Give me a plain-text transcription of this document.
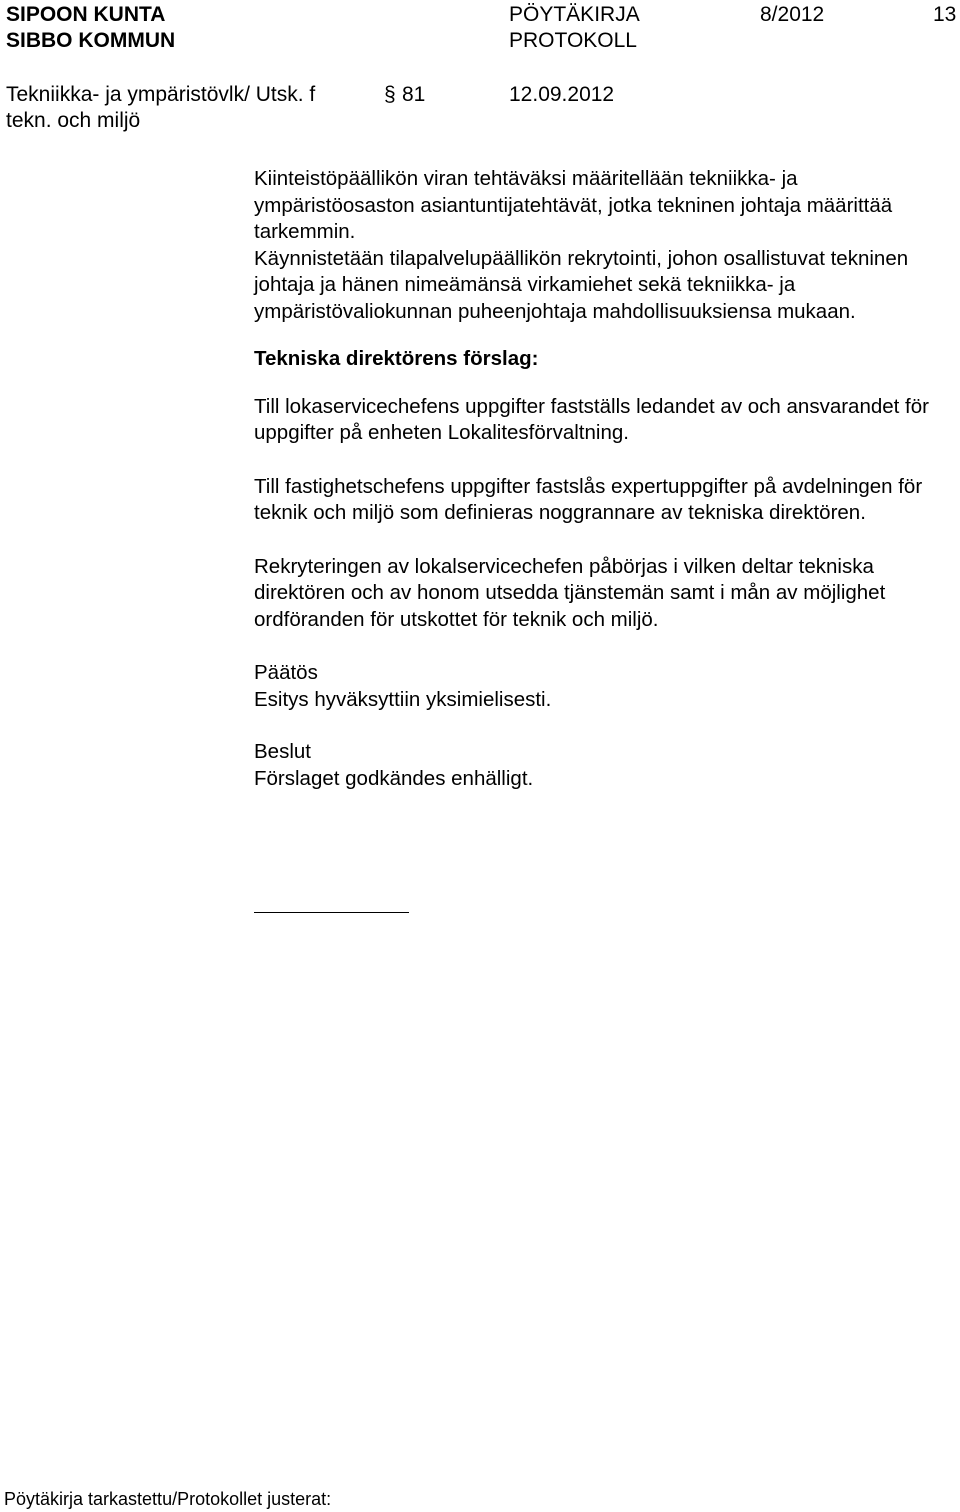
SIPOON KUNTA
SIBBO KOMMUN
PÖYTÄKIRJA
PROTOKOLL
8/2012	13
Tekniikka- ja ympäristövlk/ Utsk. f
tekn. och miljö
§ 81	12.09.2012

Kiinteistöpäällikön viran tehtäväksi määritellään tekniikka- ja ympäristöosaston asiantuntijatehtävät, jotka tekninen johtaja määrittää tarkemmin.

Käynnistetään tilapalvelupäällikön rekrytointi, johon osallistuvat tekninen johtaja ja hänen nimeämänsä virkamiehet sekä tekniikka- ja ympäristövaliokunnan puheenjohtaja mahdollisuuksiensa mukaan.

Tekniska direktörens förslag:

Till lokaservicechefens uppgifter fastställs ledandet av och ansvarandet för uppgifter på enheten Lokalitesförvaltning.

Till fastighetschefens uppgifter fastslås expertuppgifter på avdelningen för teknik och miljö som definieras noggrannare av tekniska direktören.

Rekryteringen av lokalservicechefen påbörjas i vilken deltar tekniska direktören och av honom utsedda tjänstemän samt i mån av möjlighet ordföranden för utskottet för teknik och miljö.

Päätös

Esitys hyväksyttiin yksimielisesti.

Beslut

Förslaget godkändes enhälligt.

Pöytäkirja tarkastettu/Protokollet justerat:
